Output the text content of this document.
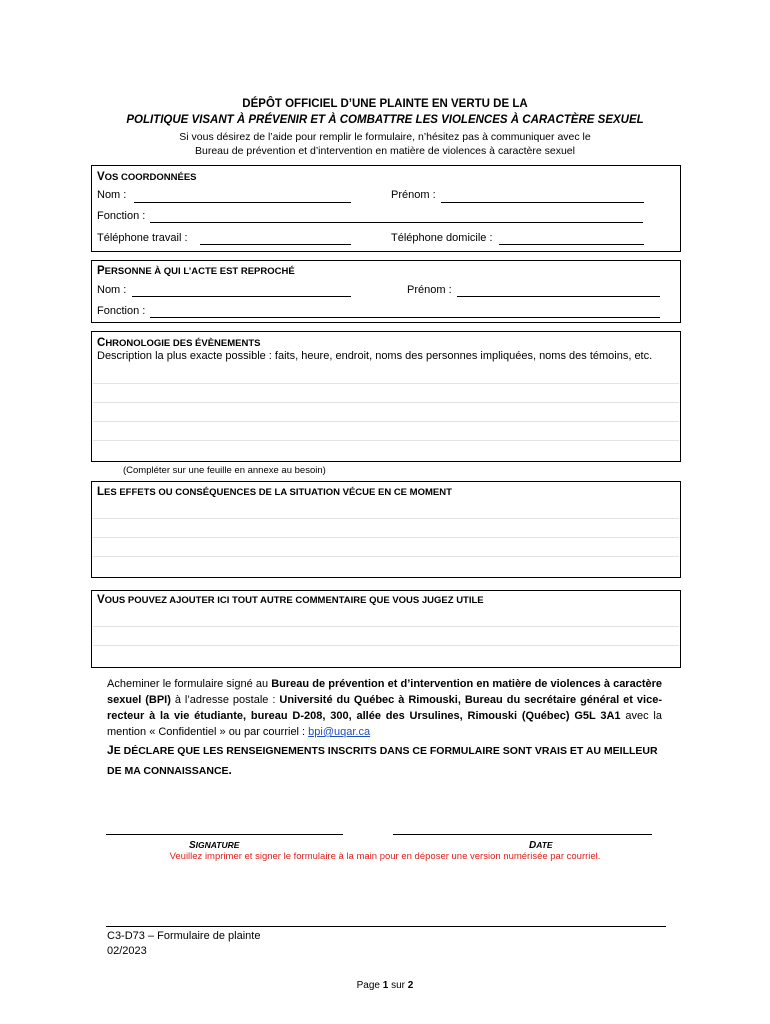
DÉPÔT OFFICIEL D’UNE PLAINTE EN VERTU DE LA
POLITIQUE VISANT À PRÉVENIR ET À COMBATTRE LES VIOLENCES À CARACTÈRE SEXUEL
Si vous désirez de l’aide pour remplir le formulaire, n’hésitez pas à communiquer avec le
Bureau de prévention et d’intervention en matière de violences à caractère sexuel
VOS COORDONNÉES
Nom :	Prénom :
Fonction :
Téléphone travail :	Téléphone domicile :
PERSONNE À QUI L’ACTE EST REPROCHÉ
Nom :	Prénom :
Fonction :
CHRONOLOGIE DES ÉVÈNEMENTS
Description la plus exacte possible : faits, heure, endroit, noms des personnes impliquées, noms des témoins, etc.
(Compléter sur une feuille en annexe au besoin)
LES EFFETS OU CONSÉQUENCES DE LA SITUATION VÉCUE EN CE MOMENT
VOUS POUVEZ AJOUTER ICI TOUT AUTRE COMMENTAIRE QUE VOUS JUGEZ UTILE
Acheminer le formulaire signé au Bureau de prévention et d’intervention en matière de violences à caractère sexuel (BPI) à l’adresse postale : Université du Québec à Rimouski, Bureau du secrétaire général et vice-recteur à la vie étudiante, bureau D-208, 300, allée des Ursulines, Rimouski (Québec) G5L 3A1 avec la mention « Confidentiel » ou par courriel : bpi@uqar.ca
JE DÉCLARE QUE LES RENSEIGNEMENTS INSCRITS DANS CE FORMULAIRE SONT VRAIS ET AU MEILLEUR DE MA CONNAISSANCE.
SIGNATURE	DATE
Veuillez imprimer et signer le formulaire à la main pour en déposer une version numérisée par courriel.
C3-D73 – Formulaire de plainte
02/2023
Page 1 sur 2
